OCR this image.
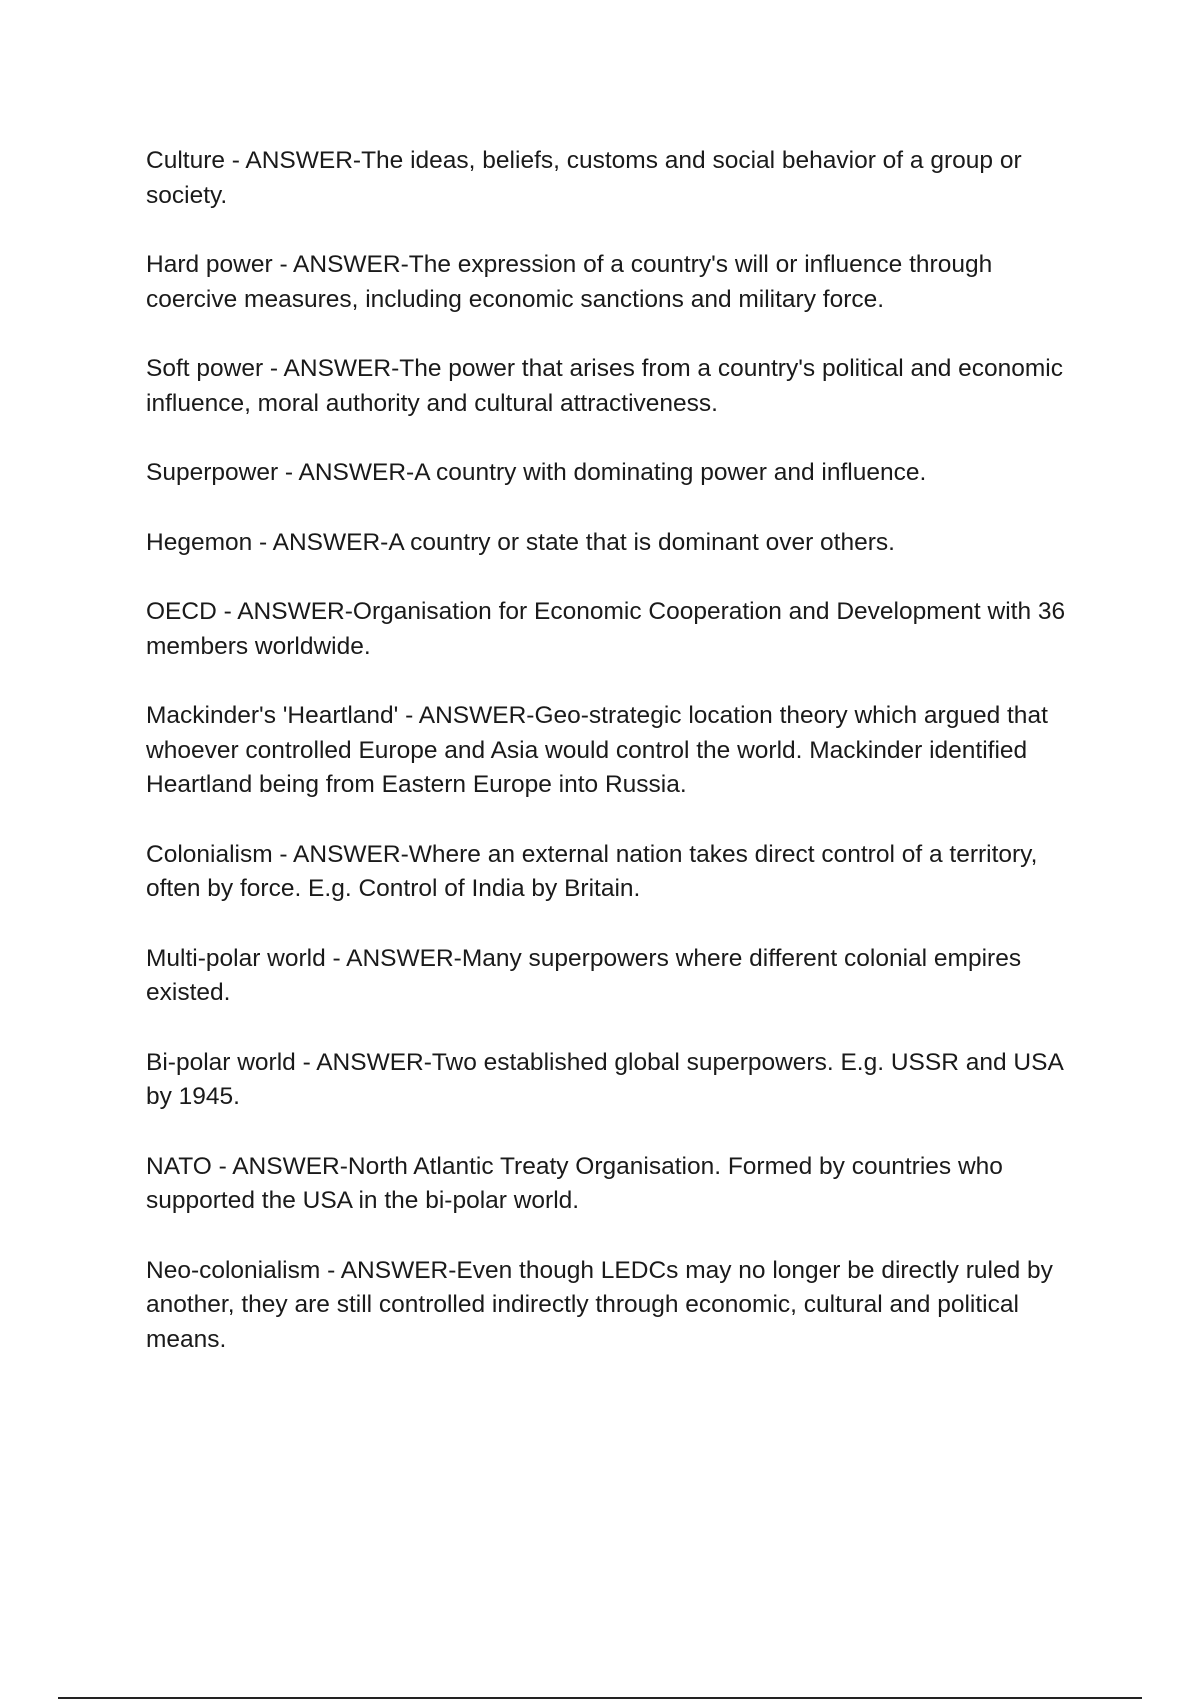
Culture - ANSWER-The ideas, beliefs, customs and social behavior of a group or society.

Hard power - ANSWER-The expression of a country's will or influence through coercive measures, including economic sanctions and military force.

Soft power - ANSWER-The power that arises from a country's political and economic influence, moral authority and cultural attractiveness.

Superpower - ANSWER-A country with dominating power and influence.

Hegemon - ANSWER-A country or state that is dominant over others.

OECD - ANSWER-Organisation for Economic Cooperation and Development with 36 members worldwide.

Mackinder's 'Heartland' - ANSWER-Geo-strategic location theory which argued that whoever controlled Europe and Asia would control the world. Mackinder identified Heartland being from Eastern Europe into Russia.

Colonialism - ANSWER-Where an external nation takes direct control of a territory, often by force. E.g. Control of India by Britain.

Multi-polar world - ANSWER-Many superpowers where different colonial empires existed.

Bi-polar world - ANSWER-Two established global superpowers. E.g. USSR and USA by 1945.

NATO - ANSWER-North Atlantic Treaty Organisation. Formed by countries who supported the USA in the bi-polar world.

Neo-colonialism - ANSWER-Even though LEDCs may no longer be directly ruled by another, they are still controlled indirectly through economic, cultural and political means.
